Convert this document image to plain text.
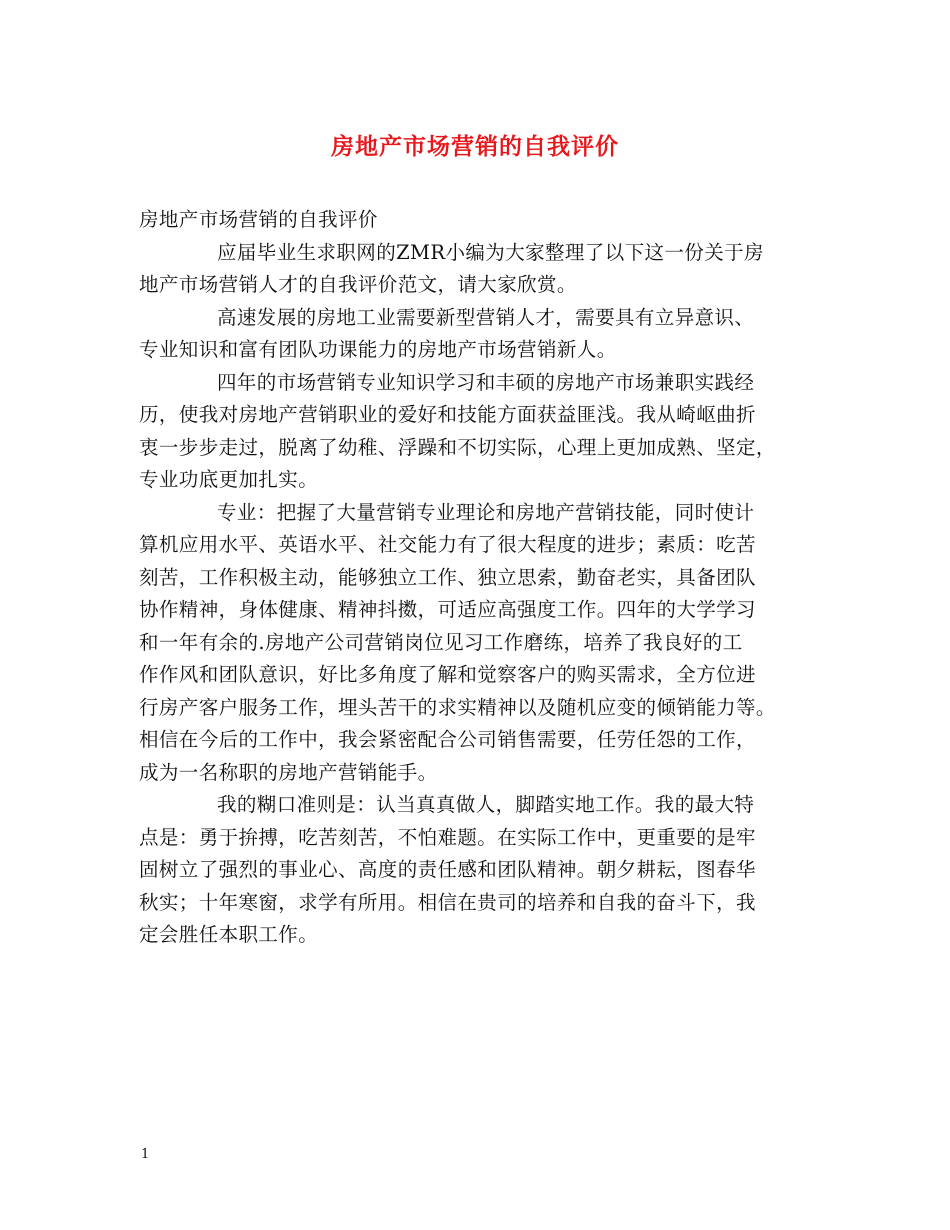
房地产市场营销的自我评价
房地产市场营销的自我评价
应届毕业生求职网的ZMR小编为大家整理了以下这一份关于房
地产市场营销人才的自我评价范文，请大家欣赏。
高速发展的房地工业需要新型营销人才，需要具有立异意识、
专业知识和富有团队功课能力的房地产市场营销新人。
四年的市场营销专业知识学习和丰硕的房地产市场兼职实践经
历，使我对房地产营销职业的爱好和技能方面获益匪浅。我从崎岖曲折
衷一步步走过，脱离了幼稚、浮躁和不切实际，心理上更加成熟、坚定，
专业功底更加扎实。
专业：把握了大量营销专业理论和房地产营销技能，同时使计
算机应用水平、英语水平、社交能力有了很大程度的进步；素质：吃苦
刻苦，工作积极主动，能够独立工作、独立思索，勤奋老实，具备团队
协作精神，身体健康、精神抖擞，可适应高强度工作。四年的大学学习
和一年有余的.房地产公司营销岗位见习工作磨练，培养了我良好的工
作作风和团队意识，好比多角度了解和觉察客户的购买需求，全方位进
行房产客户服务工作，埋头苦干的求实精神以及随机应变的倾销能力等。
相信在今后的工作中，我会紧密配合公司销售需要，任劳任怨的工作，
成为一名称职的房地产营销能手。
我的糊口准则是：认当真真做人，脚踏实地工作。我的最大特
点是：勇于拚搏，吃苦刻苦，不怕难题。在实际工作中，更重要的是牢
固树立了强烈的事业心、高度的责任感和团队精神。朝夕耕耘，图春华
秋实；十年寒窗，求学有所用。相信在贵司的培养和自我的奋斗下，我
定会胜任本职工作。
1
